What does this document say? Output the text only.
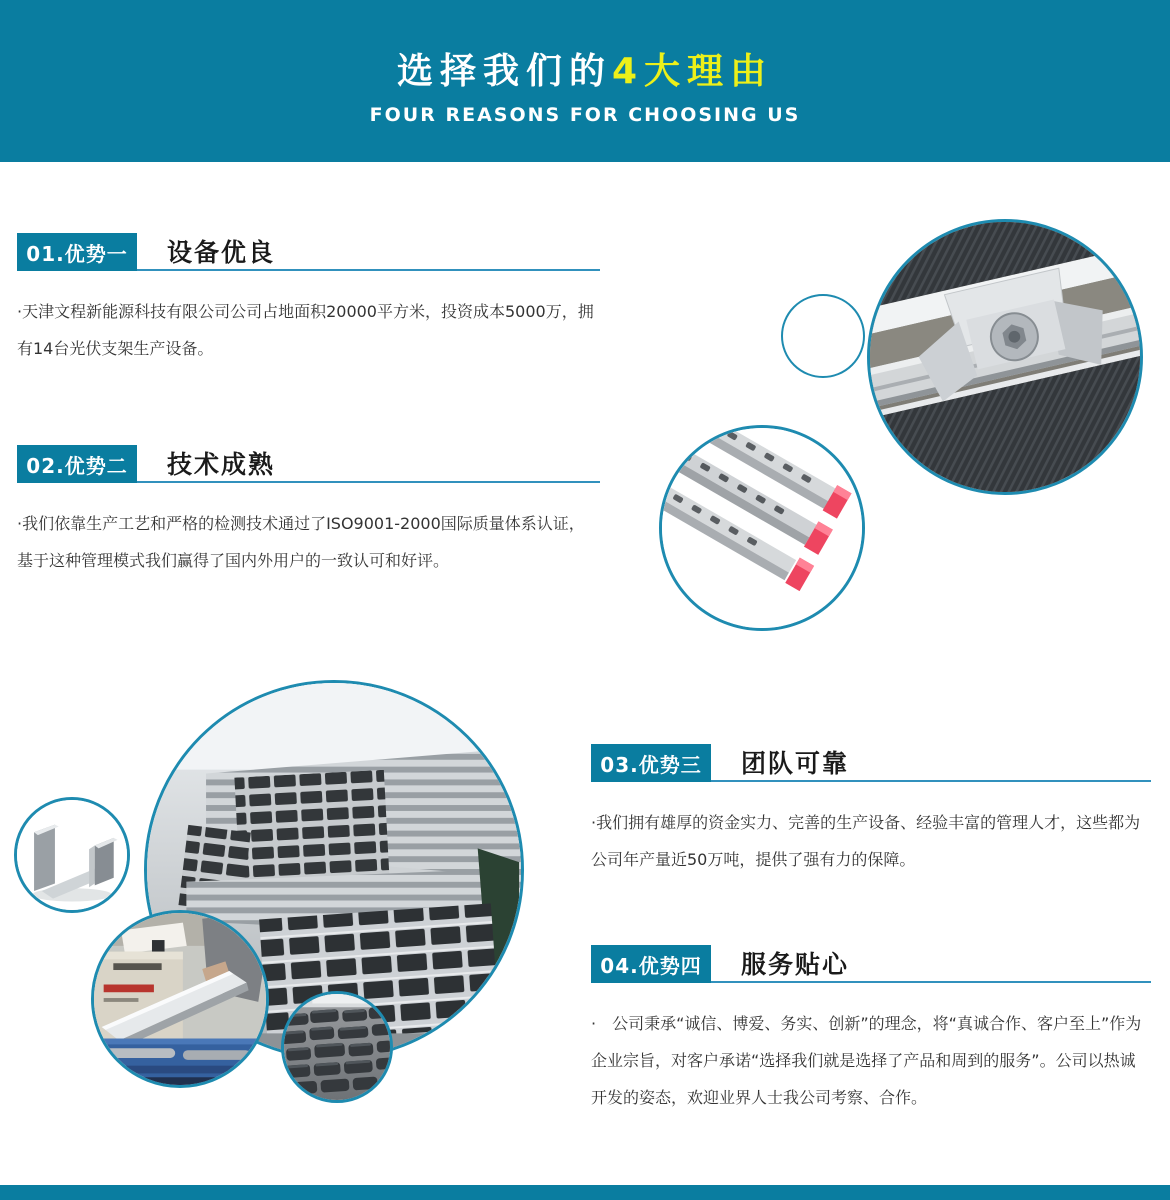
选择我们的4大理由
FOUR REASONS FOR CHOOSING US
01.优势一	设备优良
·天津文程新能源科技有限公司公司占地面积20000平方米，投资成本5000万，拥有14台光伏支架生产设备。
02.优势二	技术成熟
·我们依靠生产工艺和严格的检测技术通过了ISO9001-2000国际质量体系认证，基于这种管理模式我们赢得了国内外用户的一致认可和好评。
03.优势三	团队可靠
·我们拥有雄厚的资金实力、完善的生产设备、经验丰富的管理人才，这些都为公司年产量近50万吨，提供了强有力的保障。
04.优势四	服务贴心
·　公司秉承“诚信、博爱、务实、创新”的理念，将“真诚合作、客户至上”作为企业宗旨，对客户承诺“选择我们就是选择了产品和周到的服务”。公司以热诚开发的姿态，欢迎业界人士我公司考察、合作。
